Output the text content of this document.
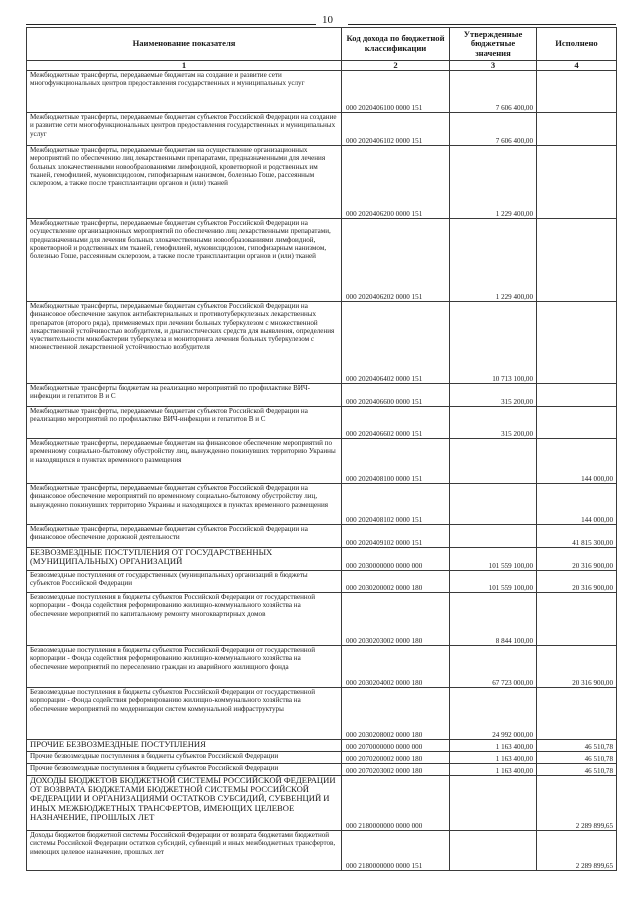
10
Наименование показателя	Код дохода по бюджетной классификации	Утвержденные бюджетные значения	Исполнено
1	2	3	4
Межбюджетные трансферты, передаваемые бюджетам на создание и развитие сети многофункциональных центров предоставления государственных и муниципальных услуг	000 2020406100 0000 151	7 606 400,00	
Межбюджетные трансферты, передаваемые бюджетам субъектов Российской Федерации на создание и развитие сети многофункциональных центров предоставления государственных и муниципальных услуг	000 2020406102 0000 151	7 606 400,00	
Межбюджетные трансферты, передаваемые бюджетам на осуществление организационных мероприятий по обеспечению лиц лекарственными препаратами, предназначенными для лечения больных злокачественными новообразованиями лимфоидной, кроветворной и родственных им тканей, гемофилией, муковисцидозом, гипофизарным нанизмом, болезнью Гоше, рассеянным склерозом, а также после трансплантации органов и (или) тканей	000 2020406200 0000 151	1 229 400,00	
Межбюджетные трансферты, передаваемые бюджетам субъектов Российской Федерации на осуществление организационных мероприятий по обеспечению лиц лекарственными препаратами, предназначенными для лечения больных злокачественными новообразованиями лимфоидной, кроветворной и родственных им тканей, гемофилией, муковисцидозом, гипофизарным нанизмом, болезнью Гоше, рассеянным склерозом, а также после трансплантации органов и (или) тканей	000 2020406202 0000 151	1 229 400,00	
Межбюджетные трансферты, передаваемые бюджетам субъектов Российской Федерации на финансовое обеспечение закупок антибактериальных и противотуберкулезных лекарственных препаратов (второго ряда), применяемых при лечении больных туберкулезом с множественной лекарственной устойчивостью возбудителя, и диагностических средств для выявления, определения чувствительности микобактерии туберкулеза и мониторинга лечения больных туберкулезом с множественной лекарственной устойчивостью возбудителя	000 2020406402 0000 151	10 713 100,00	
Межбюджетные трансферты бюджетам на реализацию мероприятий по профилактике ВИЧ-инфекции и гепатитов В и С	000 2020406600 0000 151	315 200,00	
Межбюджетные трансферты, передаваемые бюджетам субъектов Российской Федерации на реализацию мероприятий по профилактике ВИЧ-инфекции и гепатитов В и С	000 2020406602 0000 151	315 200,00	
Межбюджетные трансферты, передаваемые бюджетам на финансовое обеспечение мероприятий по временному социально-бытовому обустройству лиц, вынужденно покинувших территорию Украины и находящихся в пунктах временного размещения	000 2020408100 0000 151		144 000,00
Межбюджетные трансферты, передаваемые бюджетам субъектов Российской Федерации на финансовое обеспечение мероприятий по временному социально-бытовому обустройству лиц, вынужденно покинувших территорию Украины и находящихся в пунктах временного размещения	000 2020408102 0000 151		144 000,00
Межбюджетные трансферты, передаваемые бюджетам субъектов Российской Федерации на финансовое обеспечение дорожной деятельности	000 2020409102 0000 151		41 815 300,00
БЕЗВОЗМЕЗДНЫЕ ПОСТУПЛЕНИЯ ОТ ГОСУДАРСТВЕННЫХ (МУНИЦИПАЛЬНЫХ) ОРГАНИЗАЦИЙ	000 2030000000 0000 000	101 559 100,00	20 316 900,00
Безвозмездные поступления от государственных (муниципальных) организаций в бюджеты субъектов Российской Федерации	000 2030200002 0000 180	101 559 100,00	20 316 900,00
Безвозмездные поступления в бюджеты субъектов Российской Федерации от государственной корпорации - Фонда содействия реформированию жилищно-коммунального хозяйства на обеспечение мероприятий по капитальному ремонту многоквартирных домов	000 2030203002 0000 180	8 844 100,00	
Безвозмездные поступления в бюджеты субъектов Российской Федерации от государственной корпорации - Фонда содействия реформированию жилищно-коммунального хозяйства на обеспечение мероприятий по переселению граждан из аварийного жилищного фонда	000 2030204002 0000 180	67 723 000,00	20 316 900,00
Безвозмездные поступления в бюджеты субъектов Российской Федерации от государственной корпорации - Фонда содействия реформированию жилищно-коммунального хозяйства на обеспечение мероприятий по модернизации систем коммунальной инфраструктуры	000 2030208002 0000 180	24 992 000,00	
ПРОЧИЕ БЕЗВОЗМЕЗДНЫЕ ПОСТУПЛЕНИЯ	000 2070000000 0000 000	1 163 400,00	46 510,78
Прочие безвозмездные поступления в бюджеты субъектов Российской Федерации	000 2070200002 0000 180	1 163 400,00	46 510,78
Прочие безвозмездные поступления в бюджеты субъектов Российской Федерации	000 2070203002 0000 180	1 163 400,00	46 510,78
ДОХОДЫ БЮДЖЕТОВ БЮДЖЕТНОЙ СИСТЕМЫ РОССИЙСКОЙ ФЕДЕРАЦИИ ОТ ВОЗВРАТА БЮДЖЕТАМИ БЮДЖЕТНОЙ СИСТЕМЫ РОССИЙСКОЙ ФЕДЕРАЦИИ И ОРГАНИЗАЦИЯМИ ОСТАТКОВ СУБСИДИЙ, СУБВЕНЦИЙ И ИНЫХ МЕЖБЮДЖЕТНЫХ ТРАНСФЕРТОВ, ИМЕЮЩИХ ЦЕЛЕВОЕ НАЗНАЧЕНИЕ, ПРОШЛЫХ ЛЕТ	000 2180000000 0000 000		2 289 899,65
Доходы бюджетов бюджетной системы Российской Федерации от возврата бюджетами бюджетной системы Российской Федерации остатков субсидий, субвенций и иных межбюджетных трансфертов, имеющих целевое назначение, прошлых лет	000 2180000000 0000 151		2 289 899,65
